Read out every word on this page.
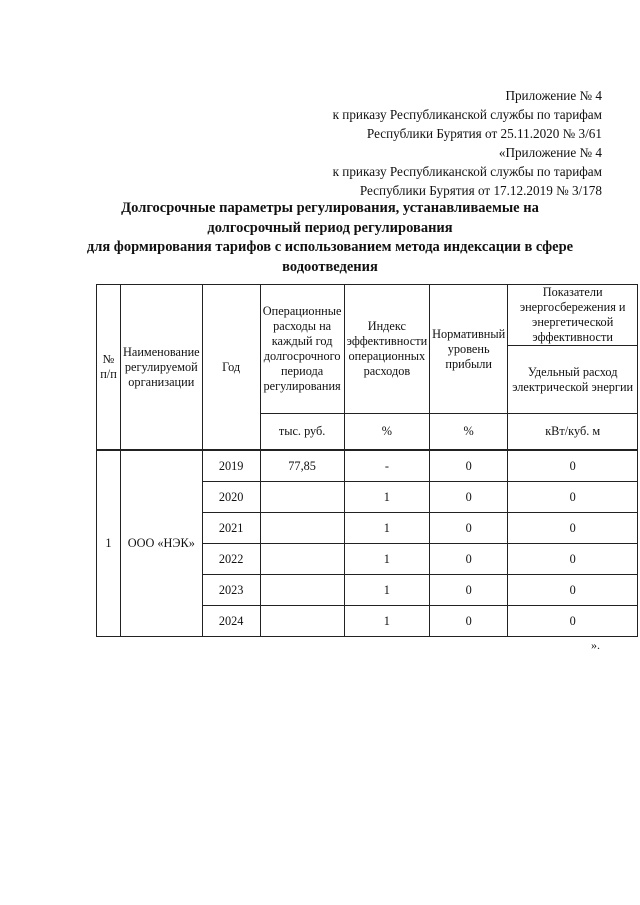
Приложение № 4
к приказу Республиканской службы по тарифам
Республики Бурятия от 25.11.2020 № 3/61
«Приложение № 4
к приказу Республиканской службы по тарифам
Республики Бурятия от 17.12.2019 № 3/178
Долгосрочные параметры регулирования, устанавливаемые на
долгосрочный период регулирования
для формирования тарифов с использованием метода индексации в сфере
водоотведения
№ п/п	Наименование регулируемой организации	Год	Операционные расходы на каждый год долгосрочного периода регулирования	Индекс эффективности операционных расходов	Нормативный уровень прибыли	Показатели энергосбережения и энергетической эффективности
						Удельный расход электрической энергии
			тыс. руб.	%	%	кВт/куб. м

1	ООО «НЭК»	2019	77,85	-	0	0
		2020		1	0	0
		2021		1	0	0
		2022		1	0	0
		2023		1	0	0
		2024		1	0	0
».
